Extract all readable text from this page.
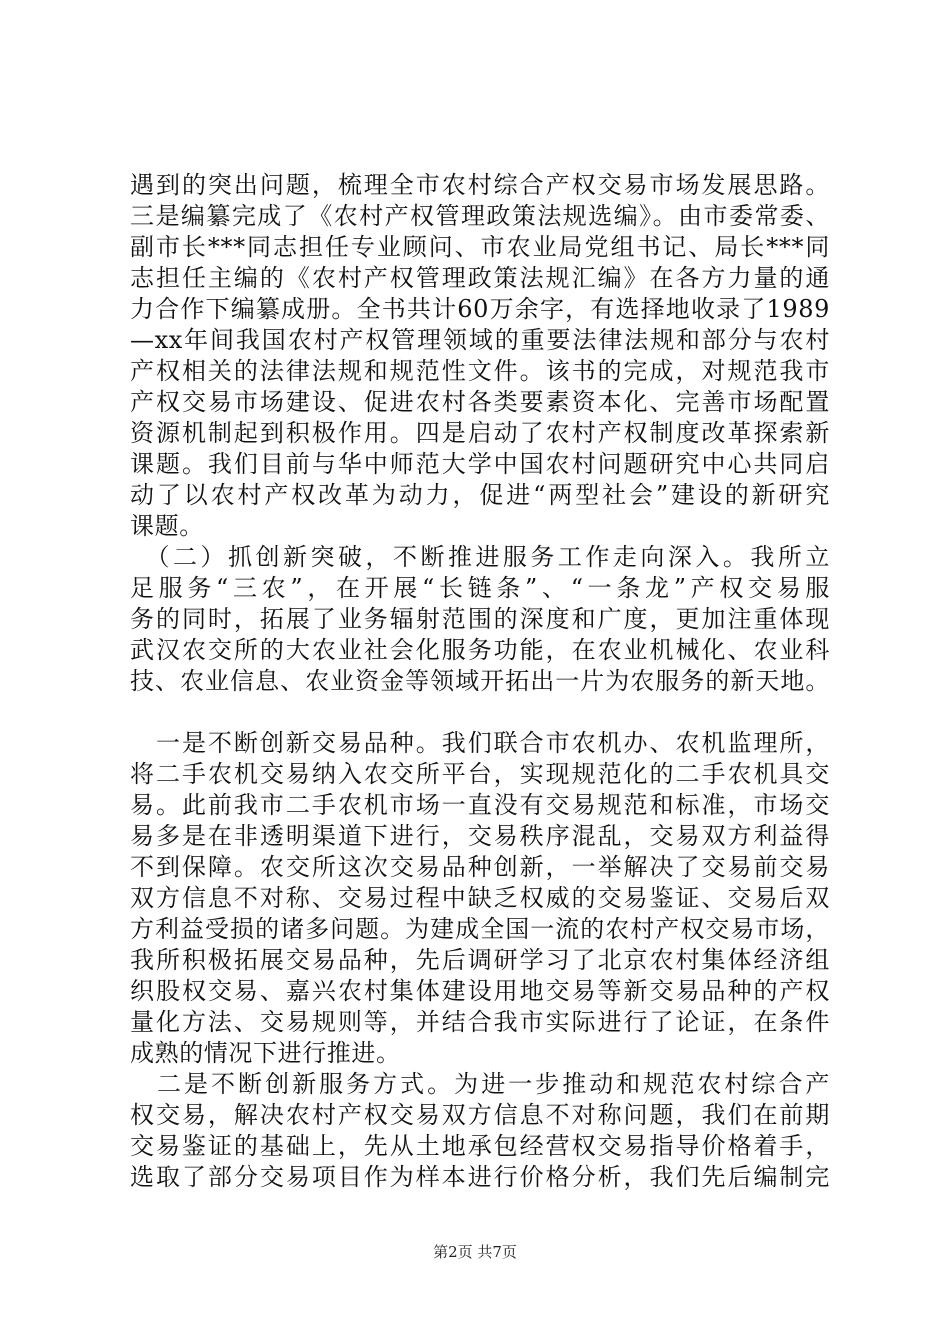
遇到的突出问题，梳理全市农村综合产权交易市场发展思路。
三是编纂完成了《农村产权管理政策法规选编》。由市委常委、
副市长***同志担任专业顾问、市农业局党组书记、局长***同
志担任主编的《农村产权管理政策法规汇编》在各方力量的通
力合作下编纂成册。全书共计60万余字，有选择地收录了1989
—xx年间我国农村产权管理领域的重要法律法规和部分与农村
产权相关的法律法规和规范性文件。该书的完成，对规范我市
产权交易市场建设、促进农村各类要素资本化、完善市场配置
资源机制起到积极作用。四是启动了农村产权制度改革探索新
课题。我们目前与华中师范大学中国农村问题研究中心共同启
动了以农村产权改革为动力，促进“两型社会”建设的新研究
课题。
　（二）抓创新突破，不断推进服务工作走向深入。我所立
足服务“三农”，在开展“长链条”、“一条龙”产权交易服
务的同时，拓展了业务辐射范围的深度和广度，更加注重体现
武汉农交所的大农业社会化服务功能，在农业机械化、农业科
技、农业信息、农业资金等领域开拓出一片为农服务的新天地。
　一是不断创新交易品种。我们联合市农机办、农机监理所，
将二手农机交易纳入农交所平台，实现规范化的二手农机具交
易。此前我市二手农机市场一直没有交易规范和标准，市场交
易多是在非透明渠道下进行，交易秩序混乱，交易双方利益得
不到保障。农交所这次交易品种创新，一举解决了交易前交易
双方信息不对称、交易过程中缺乏权威的交易鉴证、交易后双
方利益受损的诸多问题。为建成全国一流的农村产权交易市场，
我所积极拓展交易品种，先后调研学习了北京农村集体经济组
织股权交易、嘉兴农村集体建设用地交易等新交易品种的产权
量化方法、交易规则等，并结合我市实际进行了论证，在条件
成熟的情况下进行推进。
　二是不断创新服务方式。为进一步推动和规范农村综合产
权交易，解决农村产权交易双方信息不对称问题，我们在前期
交易鉴证的基础上，先从土地承包经营权交易指导价格着手，
选取了部分交易项目作为样本进行价格分析，我们先后编制完
第2页 共7页
